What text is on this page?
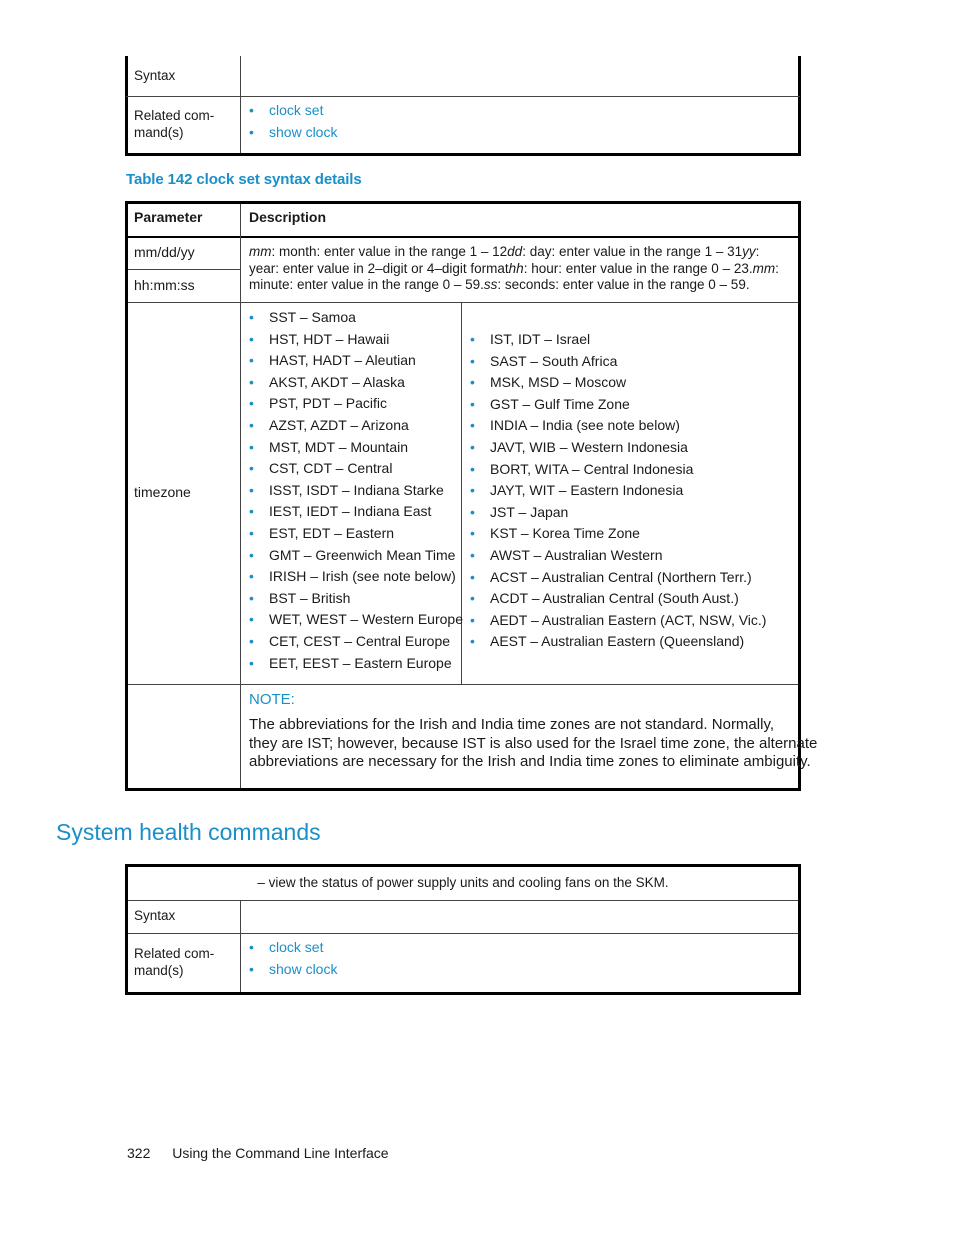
Syntax
Related com-
mand(s)
• clock set
• show clock
Table 142 clock set syntax details
Parameter	Description
mm/dd/yy
hh:mm:ss
timezone
mm: month: enter value in the range 1 – 12dd: day: enter value in the range 1 – 31yy:
year: enter value in 2–digit or 4–digit formathh: hour: enter value in the range 0 – 23.mm:
minute: enter value in the range 0 – 59.ss: seconds: enter value in the range 0 – 59.
• SST – Samoa
• HST, HDT – Hawaii
• HAST, HADT – Aleutian
• AKST, AKDT – Alaska
• PST, PDT – Pacific
• AZST, AZDT – Arizona
• MST, MDT – Mountain
• CST, CDT – Central
• ISST, ISDT – Indiana Starke
• IEST, IEDT – Indiana East
• EST, EDT – Eastern
• GMT – Greenwich Mean Time
• IRISH – Irish (see note below)
• BST – British
• WET, WEST – Western Europe
• CET, CEST – Central Europe
• EET, EEST – Eastern Europe
• IST, IDT – Israel
• SAST – South Africa
• MSK, MSD – Moscow
• GST – Gulf Time Zone
• INDIA – India (see note below)
• JAVT, WIB – Western Indonesia
• BORT, WITA – Central Indonesia
• JAYT, WIT – Eastern Indonesia
• JST – Japan
• KST – Korea Time Zone
• AWST – Australian Western
• ACST – Australian Central (Northern Terr.)
• ACDT – Australian Central (South Aust.)
• AEDT – Australian Eastern (ACT, NSW, Vic.)
• AEST – Australian Eastern (Queensland)
NOTE:
The abbreviations for the Irish and India time zones are not standard. Normally,
they are IST; however, because IST is also used for the Israel time zone, the alternate
abbreviations are necessary for the Irish and India time zones to eliminate ambiguity.
System health commands
– view the status of power supply units and cooling fans on the SKM.
Syntax
Related com-
mand(s)
• clock set
• show clock
322 Using the Command Line Interface
